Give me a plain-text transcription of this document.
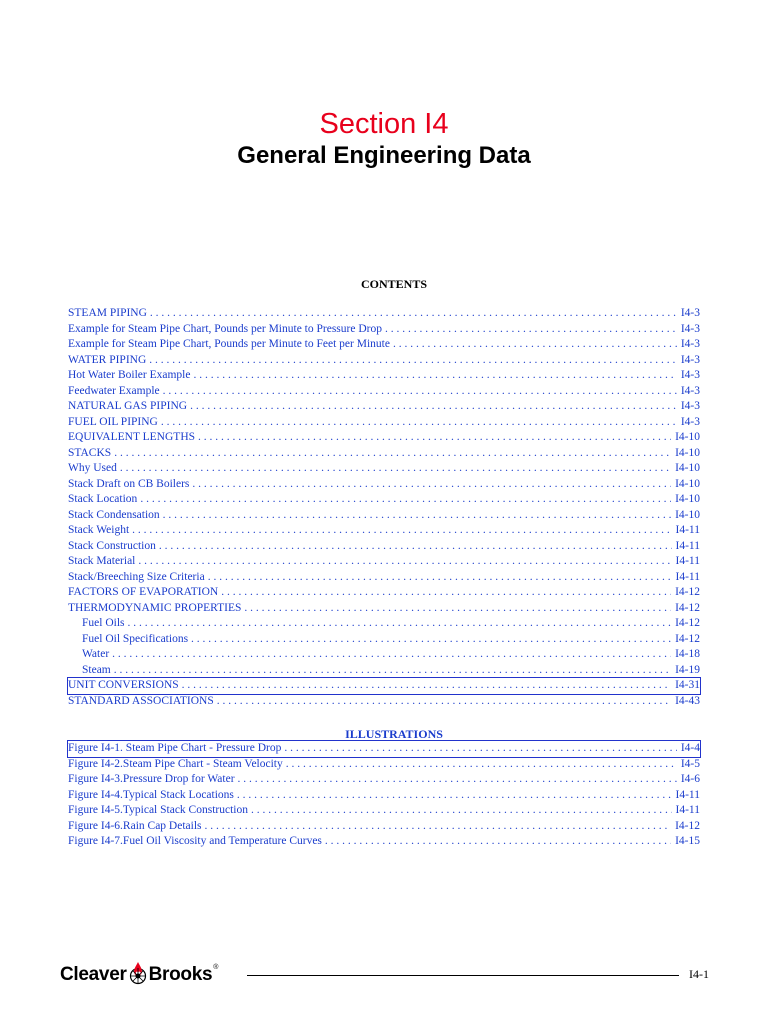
Section I4
General Engineering Data
CONTENTS
STEAM PIPING . . .	I4-3
Example for Steam Pipe Chart, Pounds per Minute to Pressure Drop . . .	I4-3
Example for Steam Pipe Chart, Pounds per Minute to Feet per Minute . . .	I4-3
WATER PIPING . . .	I4-3
Hot Water Boiler Example . . .	I4-3
Feedwater Example . . .	I4-3
NATURAL GAS PIPING . . .	I4-3
FUEL OIL PIPING . . .	I4-3
EQUIVALENT LENGTHS . . .	I4-10
STACKS . . .	I4-10
Why Used . . .	I4-10
Stack Draft on CB Boilers . . .	I4-10
Stack Location . . .	I4-10
Stack Condensation . . .	I4-10
Stack Weight . . .	I4-11
Stack Construction . . .	I4-11
Stack Material . . .	I4-11
Stack/Breeching Size Criteria . . .	I4-11
FACTORS OF EVAPORATION . . .	I4-12
THERMODYNAMIC PROPERTIES . . .	I4-12
Fuel Oils . . .	I4-12
Fuel Oil Specifications . . .	I4-12
Water . . .	I4-18
Steam . . .	I4-19
UNIT CONVERSIONS . . .	I4-31
STANDARD ASSOCIATIONS . . .	I4-43
ILLUSTRATIONS
Figure I4-1. Steam Pipe Chart - Pressure Drop . . .	I4-4
Figure I4-2.Steam Pipe Chart - Steam Velocity . . .	I4-5
Figure I4-3.Pressure Drop for Water . . .	I4-6
Figure I4-4.Typical Stack Locations . . .	I4-11
Figure I4-5.Typical Stack Construction . . .	I4-11
Figure I4-6.Rain Cap Details . . .	I4-12
Figure I4-7.Fuel Oil Viscosity and Temperature Curves . . .	I4-15
Cleaver Brooks ®	I4-1
